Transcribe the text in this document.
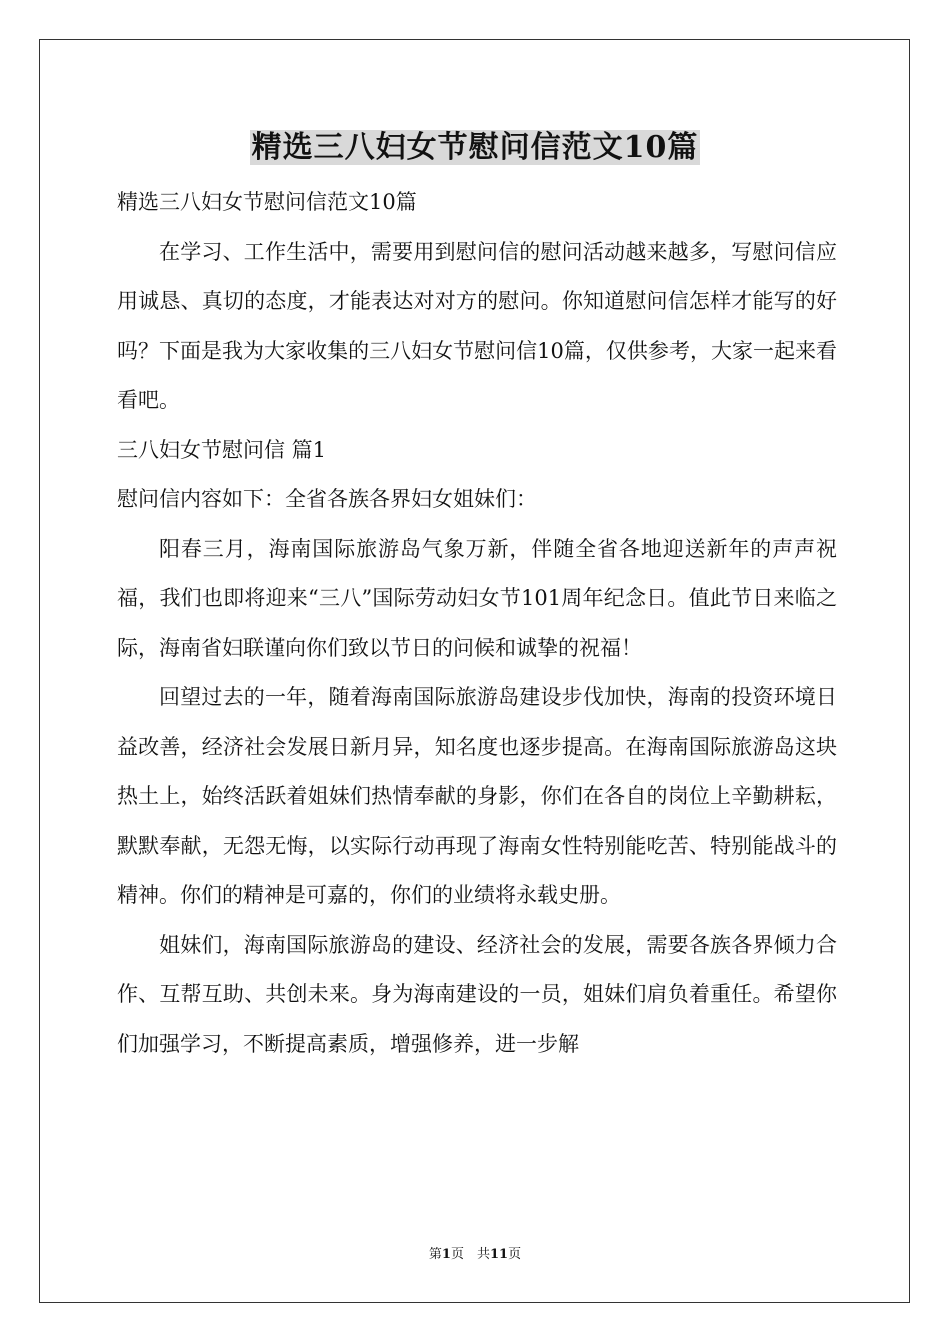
精选三八妇女节慰问信范文10篇

精选三八妇女节慰问信范文10篇

在学习、工作生活中，需要用到慰问信的慰问活动越来越多，写慰问信应用诚恳、真切的态度，才能表达对对方的慰问。你知道慰问信怎样才能写的好吗？下面是我为大家收集的三八妇女节慰问信10篇，仅供参考，大家一起来看看吧。

三八妇女节慰问信 篇1

慰问信内容如下：全省各族各界妇女姐妹们：

阳春三月，海南国际旅游岛气象万新，伴随全省各地迎送新年的声声祝福，我们也即将迎来“三八”国际劳动妇女节101周年纪念日。值此节日来临之际，海南省妇联谨向你们致以节日的问候和诚挚的祝福！

回望过去的一年，随着海南国际旅游岛建设步伐加快，海南的投资环境日益改善，经济社会发展日新月异，知名度也逐步提高。在海南国际旅游岛这块热土上，始终活跃着姐妹们热情奉献的身影，你们在各自的岗位上辛勤耕耘，默默奉献，无怨无悔，以实际行动再现了海南女性特别能吃苦、特别能战斗的精神。你们的精神是可嘉的，你们的业绩将永载史册。

姐妹们，海南国际旅游岛的建设、经济社会的发展，需要各族各界倾力合作、互帮互助、共创未来。身为海南建设的一员，姐妹们肩负着重任。希望你们加强学习，不断提高素质，增强修养，进一步解

第1页　共11页
